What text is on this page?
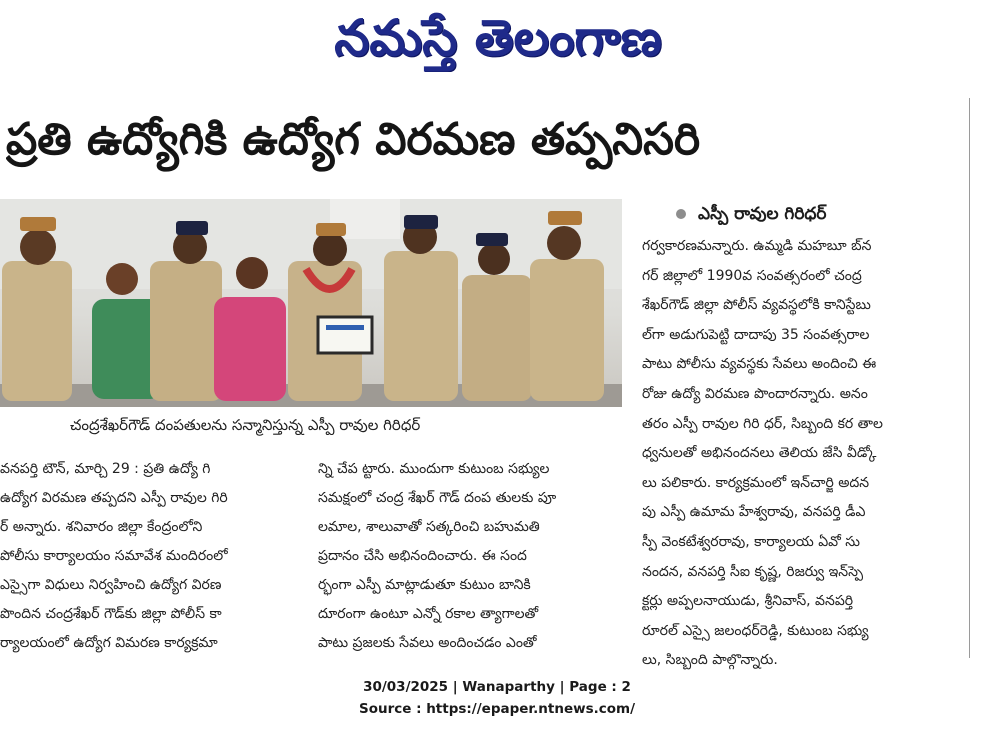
నమస్తే తెలంగాణ
ప్రతి ఉద్యోగికి ఉద్యోగ విరమణ తప్పనిసరి
చంద్రశేఖర్‌గౌడ్ దంపతులను సన్మానిస్తున్న ఎస్పీ రావుల గిరిధర్
ఎస్పీ రావుల గిరిధర్

వనపర్తి టౌన్, మార్చి 29 : ప్రతి ఉద్యో గి

ఉద్యోగ విరమణ తప్పదని ఎస్పీ రావుల గిరి

ర్ అన్నారు. శనివారం జిల్లా కేంద్రంలోని

పోలీసు కార్యాలయం సమావేశ మందిరంలో

ఎస్సైగా విధులు నిర్వహించి ఉద్యోగ విరణ

పొందిన చంద్రశేఖర్ గౌడ్‌కు జిల్లా పోలీస్ కా

ర్యాలయంలో ఉద్యోగ విమరణ కార్యక్రమా

న్ని చేప ట్టారు. ముందుగా కుటుంబ సభ్యుల

సమక్షంలో చంద్ర శేఖర్ గౌడ్ దంప తులకు పూ

లమాల, శాలువాతో సత్కరించి బహుమతి

ప్రదానం చేసి అభినందించారు. ఈ సంద

ర్భంగా ఎస్పీ మాట్లాడుతూ కుటుం బానికి

దూరంగా ఉంటూ ఎన్నో రకాల త్యాగాలతో

పాటు ప్రజలకు సేవలు అందించడం ఎంతో

గర్వకారణమన్నారు. ఉమ్మడి మహబూ బ్‌న

గర్ జిల్లాలో 1990వ సంవత్సరంలో చంద్ర

శేఖర్‌గౌడ్ జిల్లా పోలీస్ వ్యవస్థలోకి కానిస్టేబు

ల్‌గా అడుగుపెట్టి దాదాపు 35 సంవత్సరాల

పాటు పోలీసు వ్యవస్థకు సేవలు అందించి ఈ

రోజు ఉద్యో విరమణ పొందారన్నారు. అనం

తరం ఎస్పీ రావుల గిరి ధర్, సిబ్బంది కర తాల

ధ్వనులతో అభినందనలు తెలియ జేసి వీడ్కో

లు పలికారు. కార్యక్రమంలో ఇన్‌చార్జి అదన

పు ఎస్పీ ఉమామ హేశ్వరావు, వనపర్తి డీఎ

స్పీ వెంకటేశ్వరరావు, కార్యాలయ ఏవో సు

నందన, వనపర్తి సీఐ కృష్ణ, రిజర్వు ఇన్‌స్పె

క్టర్లు అప్పలనాయుడు, శ్రీనివాస్, వనపర్తి

రూరల్ ఎస్సై జలంధర్‌రెడ్డి, కుటుంబ సభ్యు

లు, సిబ్బంది పాల్గొన్నారు.

30/03/2025 | Wanaparthy | Page : 2
Source : https://epaper.ntnews.com/
